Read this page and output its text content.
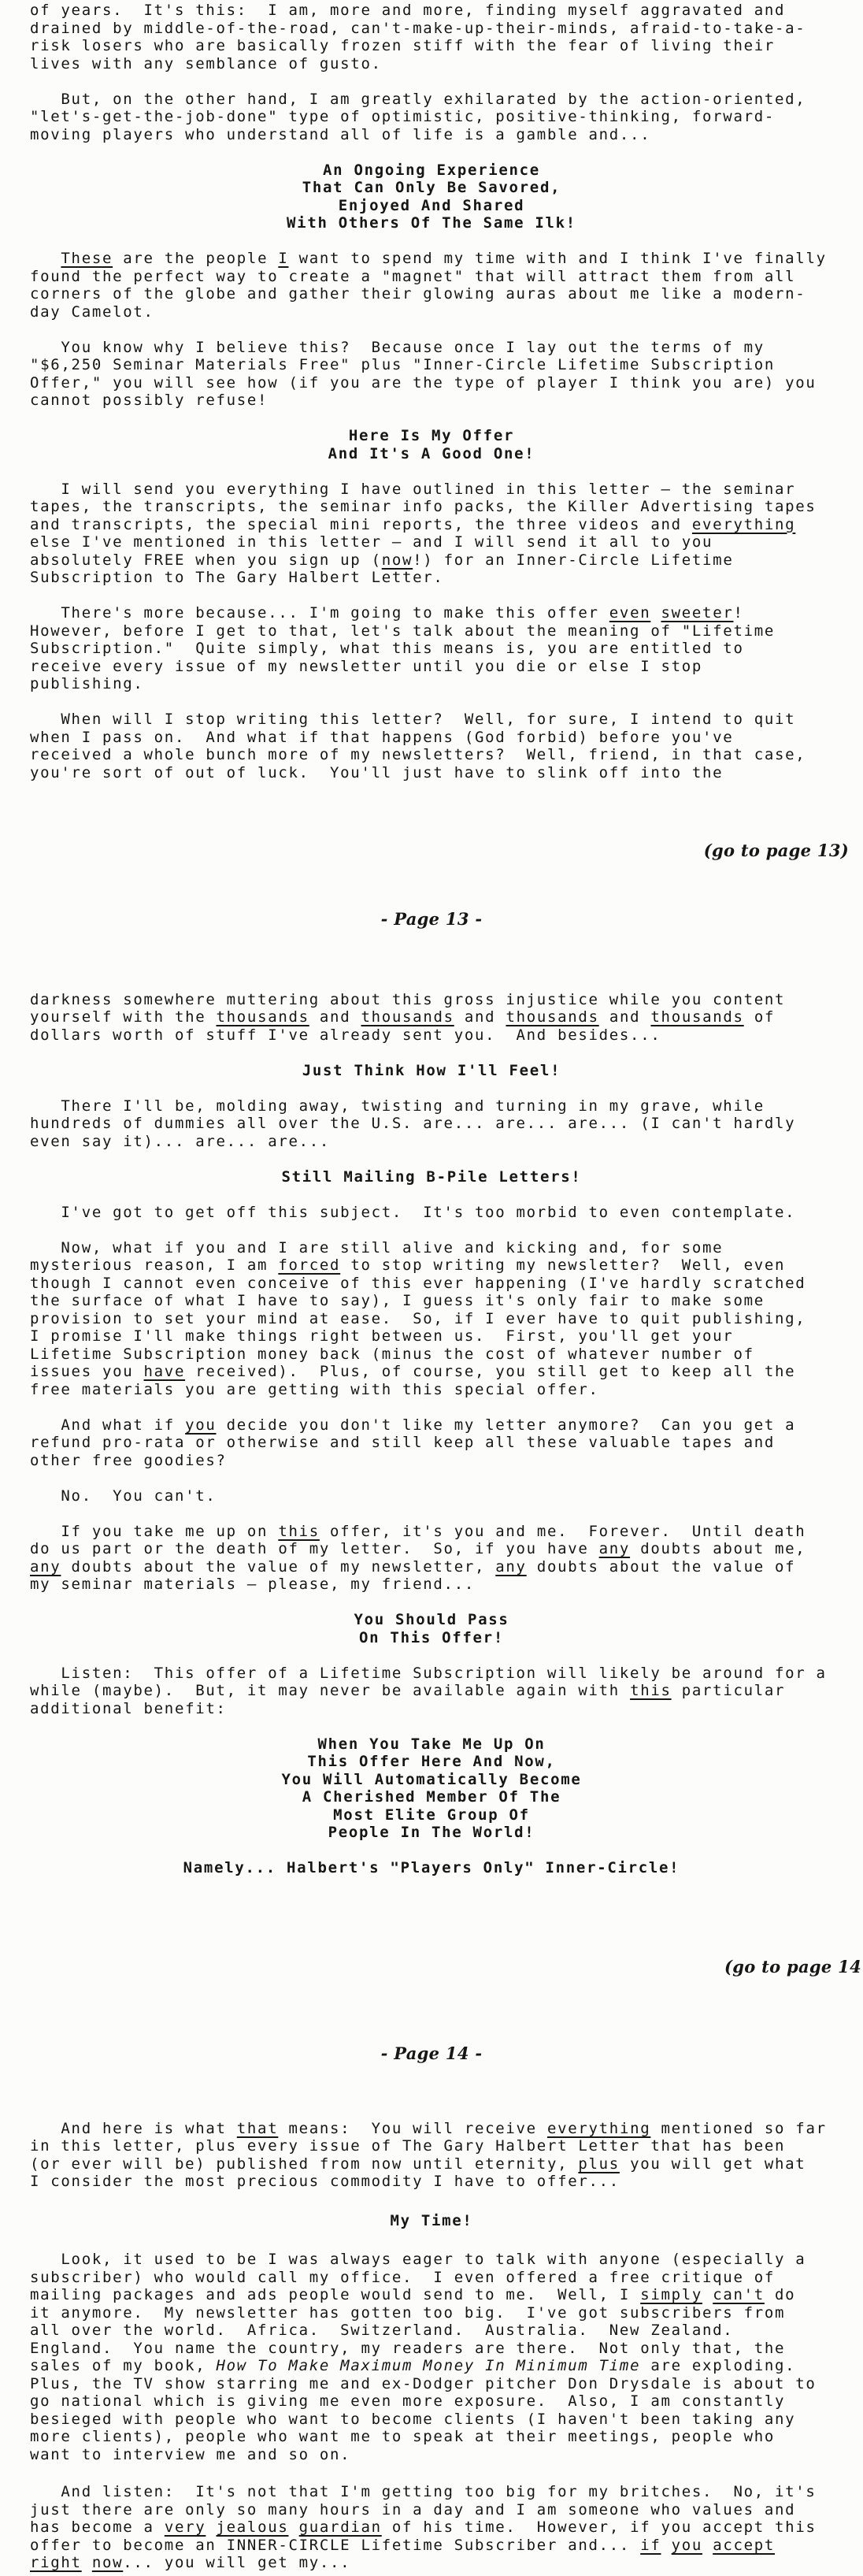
of years.  It's this:  I am, more and more, finding myself aggravated and
drained by middle-of-the-road, can't-make-up-their-minds, afraid-to-take-a-
risk losers who are basically frozen stiff with the fear of living their
lives with any semblance of gusto.
But, on the other hand, I am greatly exhilarated by the action-oriented,
"let's-get-the-job-done" type of optimistic, positive-thinking, forward-
moving players who understand all of life is a gamble and...
An Ongoing Experience
That Can Only Be Savored,
Enjoyed And Shared
With Others Of The Same Ilk!
These are the people I want to spend my time with and I think I've finally
found the perfect way to create a "magnet" that will attract them from all
corners of the globe and gather their glowing auras about me like a modern-
day Camelot.
You know why I believe this?  Because once I lay out the terms of my
"$6,250 Seminar Materials Free" plus "Inner-Circle Lifetime Subscription
Offer," you will see how (if you are the type of player I think you are) you
cannot possibly refuse!
Here Is My Offer
And It's A Good One!
I will send you everything I have outlined in this letter — the seminar
tapes, the transcripts, the seminar info packs, the Killer Advertising tapes
and transcripts, the special mini reports, the three videos and everything
else I've mentioned in this letter — and I will send it all to you
absolutely FREE when you sign up (now!) for an Inner-Circle Lifetime
Subscription to The Gary Halbert Letter.
There's more because... I'm going to make this offer even sweeter!
However, before I get to that, let's talk about the meaning of "Lifetime
Subscription."  Quite simply, what this means is, you are entitled to
receive every issue of my newsletter until you die or else I stop
publishing.
When will I stop writing this letter?  Well, for sure, I intend to quit
when I pass on.  And what if that happens (God forbid) before you've
received a whole bunch more of my newsletters?  Well, friend, in that case,
you're sort of out of luck.  You'll just have to slink off into the
(go to page 13)
- Page 13 -
darkness somewhere muttering about this gross injustice while you content
yourself with the thousands and thousands and thousands and thousands of
dollars worth of stuff I've already sent you.  And besides...
Just Think How I'll Feel!
There I'll be, molding away, twisting and turning in my grave, while
hundreds of dummies all over the U.S. are... are... are... (I can't hardly
even say it)... are... are...
Still Mailing B-Pile Letters!
I've got to get off this subject.  It's too morbid to even contemplate.
Now, what if you and I are still alive and kicking and, for some
mysterious reason, I am forced to stop writing my newsletter?  Well, even
though I cannot even conceive of this ever happening (I've hardly scratched
the surface of what I have to say), I guess it's only fair to make some
provision to set your mind at ease.  So, if I ever have to quit publishing,
I promise I'll make things right between us.  First, you'll get your
Lifetime Subscription money back (minus the cost of whatever number of
issues you have received).  Plus, of course, you still get to keep all the
free materials you are getting with this special offer.
And what if you decide you don't like my letter anymore?  Can you get a
refund pro-rata or otherwise and still keep all these valuable tapes and
other free goodies?
No.  You can't.
If you take me up on this offer, it's you and me.  Forever.  Until death
do us part or the death of my letter.  So, if you have any doubts about me,
any doubts about the value of my newsletter, any doubts about the value of
my seminar materials — please, my friend...
You Should Pass
On This Offer!
Listen:  This offer of a Lifetime Subscription will likely be around for a
while (maybe).  But, it may never be available again with this particular
additional benefit:
When You Take Me Up On
This Offer Here And Now,
You Will Automatically Become
A Cherished Member Of The
Most Elite Group Of
People In The World!
Namely... Halbert's "Players Only" Inner-Circle!
(go to page 14
- Page 14 -
And here is what that means:  You will receive everything mentioned so far
in this letter, plus every issue of The Gary Halbert Letter that has been
(or ever will be) published from now until eternity, plus you will get what
I consider the most precious commodity I have to offer...
My Time!
Look, it used to be I was always eager to talk with anyone (especially a
subscriber) who would call my office.  I even offered a free critique of
mailing packages and ads people would send to me.  Well, I simply can't do
it anymore.  My newsletter has gotten too big.  I've got subscribers from
all over the world.  Africa.  Switzerland.  Australia.  New Zealand.
England.  You name the country, my readers are there.  Not only that, the
sales of my book, How To Make Maximum Money In Minimum Time are exploding.
Plus, the TV show starring me and ex-Dodger pitcher Don Drysdale is about to
go national which is giving me even more exposure.  Also, I am constantly
besieged with people who want to become clients (I haven't been taking any
more clients), people who want me to speak at their meetings, people who
want to interview me and so on.
And listen:  It's not that I'm getting too big for my britches.  No, it's
just there are only so many hours in a day and I am someone who values and
has become a very jealous guardian of his time.  However, if you accept this
offer to become an INNER-CIRCLE Lifetime Subscriber and... if you accept
right now... you will get my...
